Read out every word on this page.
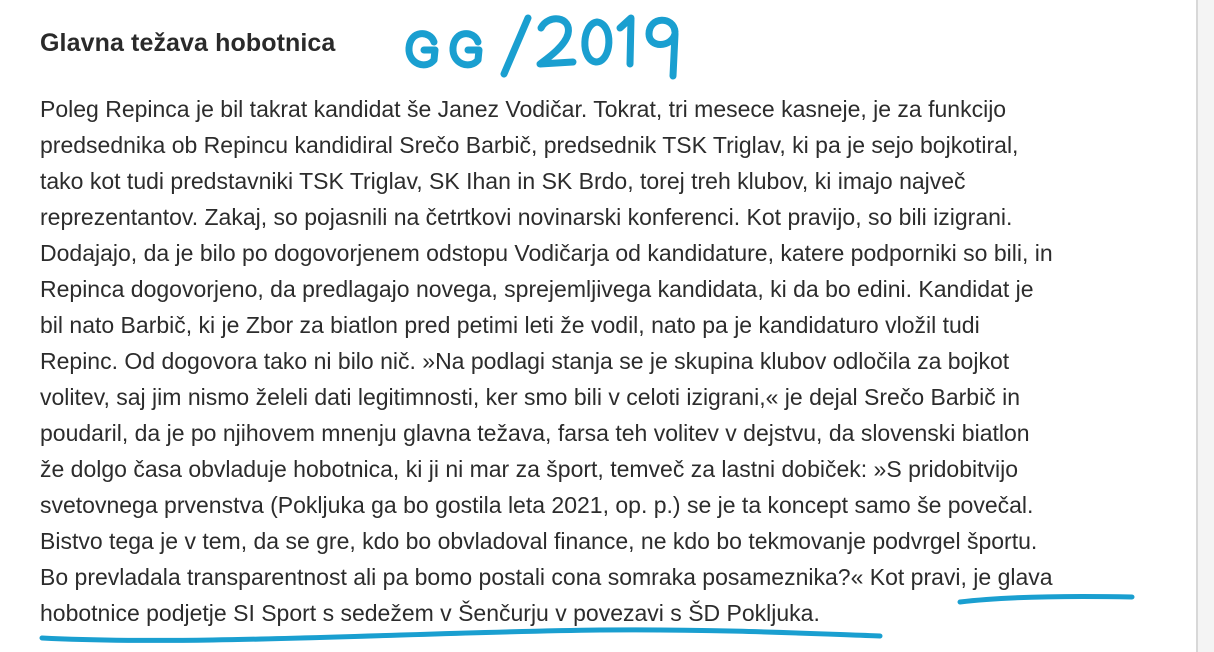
Glavna težava hobotnica
Poleg Repinca je bil takrat kandidat še Janez Vodičar. Tokrat, tri mesece kasneje, je za funkcijo
predsednika ob Repincu kandidiral Srečo Barbič, predsednik TSK Triglav, ki pa je sejo bojkotiral,
tako kot tudi predstavniki TSK Triglav, SK Ihan in SK Brdo, torej treh klubov, ki imajo največ
reprezentantov. Zakaj, so pojasnili na četrtkovi novinarski konferenci. Kot pravijo, so bili izigrani.
Dodajajo, da je bilo po dogovorjenem odstopu Vodičarja od kandidature, katere podporniki so bili, in
Repinca dogovorjeno, da predlagajo novega, sprejemljivega kandidata, ki da bo edini. Kandidat je
bil nato Barbič, ki je Zbor za biatlon pred petimi leti že vodil, nato pa je kandidaturo vložil tudi
Repinc. Od dogovora tako ni bilo nič. »Na podlagi stanja se je skupina klubov odločila za bojkot
volitev, saj jim nismo želeli dati legitimnosti, ker smo bili v celoti izigrani,« je dejal Srečo Barbič in
poudaril, da je po njihovem mnenju glavna težava, farsa teh volitev v dejstvu, da slovenski biatlon
že dolgo časa obvladuje hobotnica, ki ji ni mar za šport, temveč za lastni dobiček: »S pridobitvijo
svetovnega prvenstva (Pokljuka ga bo gostila leta 2021, op. p.) se je ta koncept samo še povečal.
Bistvo tega je v tem, da se gre, kdo bo obvladoval finance, ne kdo bo tekmovanje podvrgel športu.
Bo prevladala transparentnost ali pa bomo postali cona somraka posameznika?« Kot pravi, je glava
hobotnice podjetje SI Sport s sedežem v Šenčurju v povezavi s ŠD Pokljuka.
